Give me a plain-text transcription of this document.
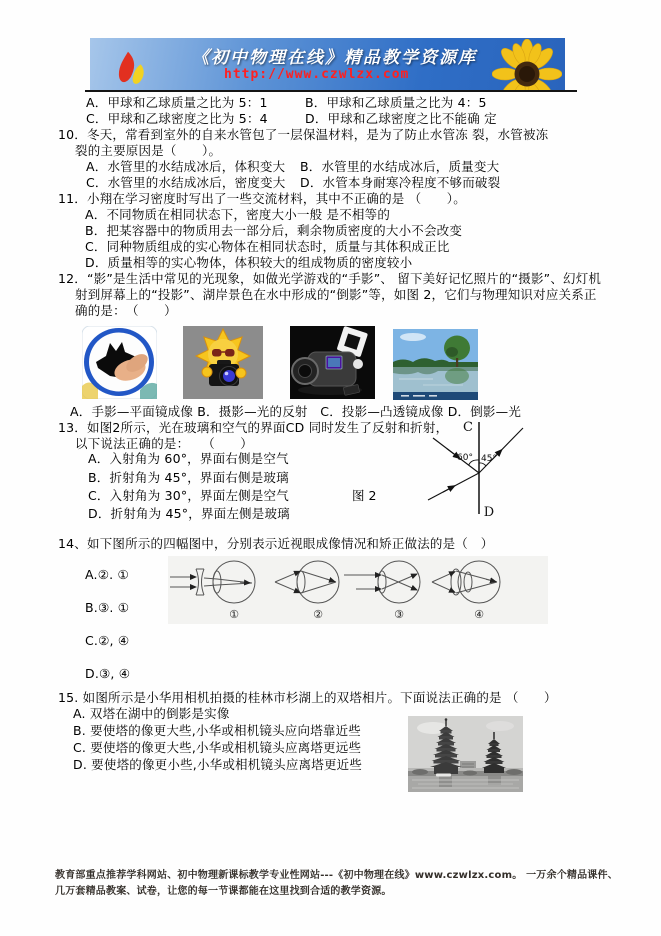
《初中物理在线》精品教学资源库
http://www.czwlzx.com
A．甲球和乙球质量之比为 5：1	B．甲球和乙球质量之比为 4：5
C．甲球和乙球密度之比为 5：4	D．甲球和乙球密度之比不能确 定
10．冬天，常看到室外的自来水管包了一层保温材料，是为了防止水管冻 裂，水管被冻
裂的主要原因是（　　）。
A．水管里的水结成冰后，体积变大 B．水管里的水结成冰后，质量变大
C．水管里的水结成冰后，密度变大 D．水管本身耐寒冷程度不够而破裂
11．小翔在学习密度时写出了一些交流材料，其中不正确的是 （　　）。
A．不同物质在相同状态下，密度大小一般 是不相等的
B．把某容器中的物质用去一部分后，剩余物质密度的大小不会改变
C．同种物质组成的实心物体在相同状态时，质量与其体积成正比
D．质量相等的实心物体，体积较大的组成物质的密度较小
12．“影”是生活中常见的光现象，如做光学游戏的“手影”、 留下美好记忆照片的“摄影”、幻灯机
射到屏幕上的“投影”、湖岸景色在水中形成的“倒影”等，如图 2，它们与物理知识对应关系正
确的是：　（　　）
A．手影—平面镜成像 B．摄影—光的反射　C．投影—凸透镜成像 D．倒影—光
13．如图2所示，光在玻璃和空气的界面CD 同时发生了反射和折射，
以下说法正确的是：　　（　　）
A．入射角为 60°，界面右侧是空气
B．折射角为 45°，界面右侧是玻璃
C．入射角为 30°，界面左侧是空气
D．折射角为 45°，界面左侧是玻璃
图 2
C
D
60° 45°
14、如下图所示的四幅图中，分别表示近视眼成像情况和矫正做法的是（　）
A.②. ①
B.③. ①
C.②, ④
D.③, ④
①	②	③	④
15. 如图所示是小华用相机拍摄的桂林市杉湖上的双塔相片。下面说法正确的是 （　　）
A. 双塔在湖中的倒影是实像
B. 要使塔的像更大些,小华或相机镜头应向塔靠近些
C. 要使塔的像更大些,小华或相机镜头应离塔更远些
D. 要使塔的像更小些,小华或相机镜头应离塔更近些
教育部重点推荐学科网站、初中物理新课标教学专业性网站---《初中物理在线》www.czwlzx.com。 一万余个精品课件、
几万套精品教案、试卷，让您的每一节课都能在这里找到合适的教学资源。
